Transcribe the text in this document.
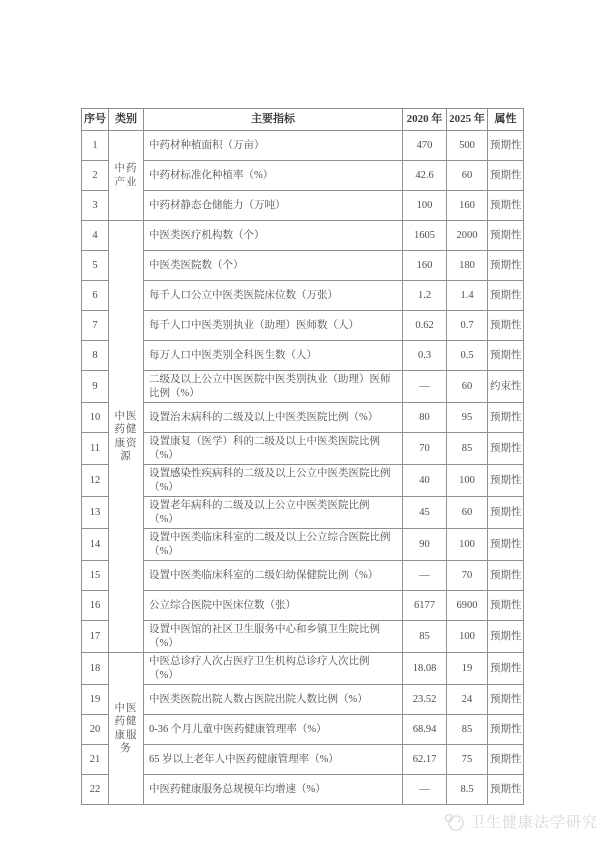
序号	类别	主要指标	2020 年	2025 年	属性
1	中药产业	中药材种植面积（万亩）	470	500	预期性
2		中药材标准化种植率（%）	42.6	60	预期性
3		中药材静态仓储能力（万吨）	100	160	预期性
4	中医药健康资源	中医类医疗机构数（个）	1605	2000	预期性
5		中医类医院数（个）	160	180	预期性
6		每千人口公立中医类医院床位数（万张）	1.2	1.4	预期性
7		每千人口中医类别执业（助理）医师数（人）	0.62	0.7	预期性
8		每万人口中医类别全科医生数（人）	0.3	0.5	预期性
9		二级及以上公立中医医院中医类别执业（助理）医师比例（%）	—	60	约束性
10		设置治未病科的二级及以上中医类医院比例（%）	80	95	预期性
11		设置康复（医学）科的二级及以上中医类医院比例（%）	70	85	预期性
12		设置感染性疾病科的二级及以上公立中医类医院比例（%）	40	100	预期性
13		设置老年病科的二级及以上公立中医类医院比例（%）	45	60	预期性
14		设置中医类临床科室的二级及以上公立综合医院比例（%）	90	100	预期性
15		设置中医类临床科室的二级妇幼保健院比例（%）	—	70	预期性
16		公立综合医院中医床位数（张）	6177	6900	预期性
17		设置中医馆的社区卫生服务中心和乡镇卫生院比例（%）	85	100	预期性
18	中医药健康服务	中医总诊疗人次占医疗卫生机构总诊疗人次比例（%）	18.08	19	预期性
19		中医类医院出院人数占医院出院人数比例（%）	23.52	24	预期性
20		0-36 个月儿童中医药健康管理率（%）	68.94	85	预期性
21		65 岁以上老年人中医药健康管理率（%）	62.17	75	预期性
22		中医药健康服务总规模年均增速（%）	—	8.5	预期性
卫生健康法学研究
